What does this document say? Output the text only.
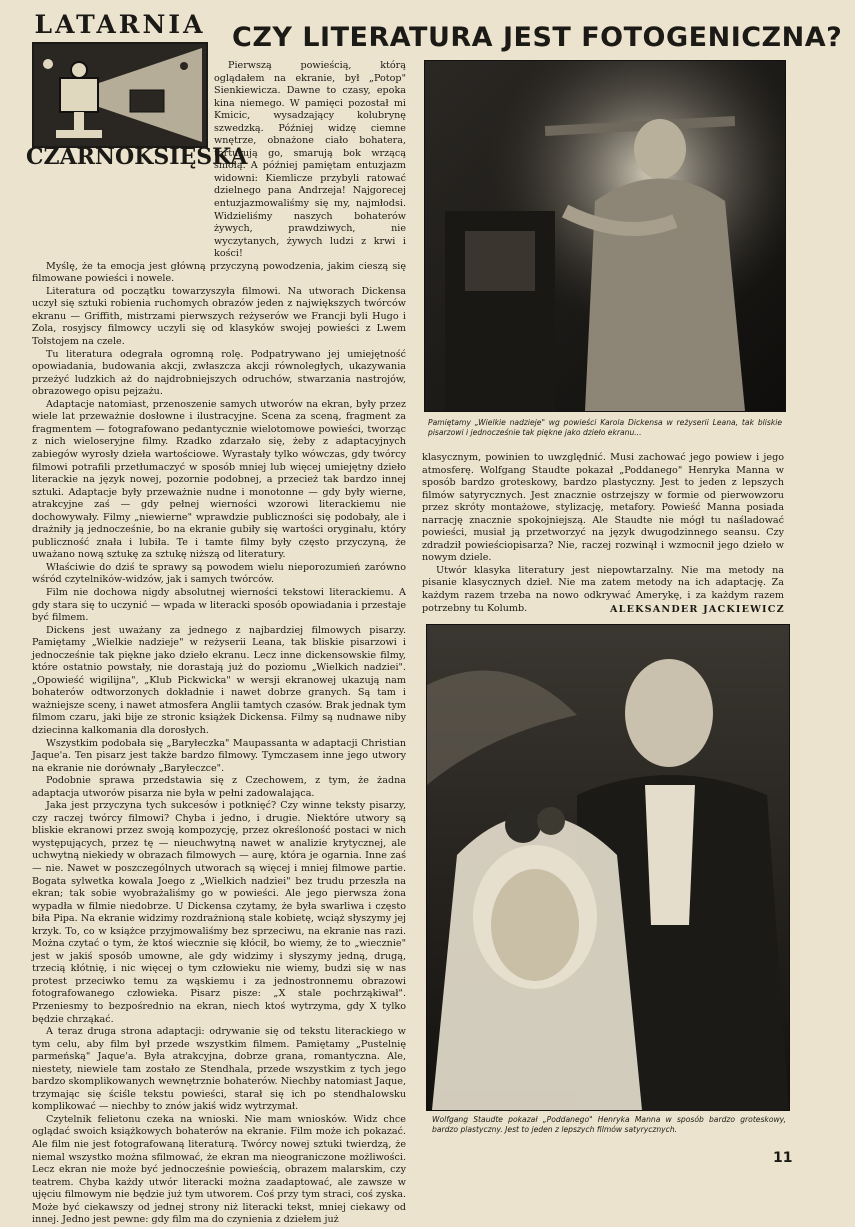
LATARNIA
CZARNOKSIĘSKA
CZY LITERATURA JEST FOTOGENICZNA?

Pierwszą powieścią, którą oglądałem na ekranie, był „Potop" Sienkiewicza. Dawne to czasy, epoka kina niemego. W pamięci pozostał mi Kmicic, wysadzający kolubrynę szwedzką. Później widzę ciemne wnętrze, obnażone ciało bohatera, torturują go, smarują bok wrzącą smołą. A później pamiętam entuzjazm widowni: Kiemlicze przybyli ratować dzielnego pana Andrzeja! Najgorecej entuzjazmowaliśmy się my, najmłodsi. Widzieliśmy naszych bohaterów żywych, prawdziwych, nie wyczytanych, żywych ludzi z krwi i kości!

Myślę, że ta emocja jest główną przyczyną powodzenia, jakim cieszą się filmowane powieści i nowele.

Literatura od początku towarzyszyła filmowi. Na utworach Dickensa uczył się sztuki robienia ruchomych obrazów jeden z największych twórców ekranu — Griffith, mistrzami pierwszych reżyserów we Francji byli Hugo i Zola, rosyjscy filmowcy uczyli się od klasyków swojej powieści z Lwem Tołstojem na czele.

Tu literatura odegrała ogromną rolę. Podpatrywano jej umiejętność opowiadania, budowania akcji, zwłaszcza akcji równoległych, ukazywania przeżyć ludzkich aż do najdrobniejszych odruchów, stwarzania nastrojów, obrazowego opisu pejzażu.

Adaptacje natomiast, przenoszenie samych utworów na ekran, były przez wiele lat przeważnie dosłowne i ilustracyjne. Scena za sceną, fragment za fragmentem — fotografowano pedantycznie wielotomowe powieści, tworząc z nich wieloseryjne filmy. Rzadko zdarzało się, żeby z adaptacyjnych zabiegów wyrosły dzieła wartościowe. Wyrastały tylko wówczas, gdy twórcy filmowi potrafili przetłumaczyć w sposób mniej lub więcej umiejętny dzieło literackie na język nowej, pozornie podobnej, a przecież tak bardzo innej sztuki. Adaptacje były przeważnie nudne i monotonne — gdy były wierne, atrakcyjne zaś — gdy pełnej wierności wzorowi literackiemu nie dochowywały. Filmy „niewierne" wprawdzie publiczności się podobały, ale i drażniły ją jednocześnie, bo na ekranie gubiły się wartości oryginału, który publiczność znała i lubiła. Te i tamte filmy były często przyczyną, że uważano nową sztukę za sztukę niższą od literatury.

Właściwie do dziś te sprawy są powodem wielu nieporozumień zarówno wśród czytelników-widzów, jak i samych twórców.

Film nie dochowa nigdy absolutnej wierności tekstowi literackiemu. A gdy stara się to uczynić — wpada w literacki sposób opowiadania i przestaje być filmem.

Dickens jest uważany za jednego z najbardziej filmowych pisarzy. Pamiętamy „Wielkie nadzieje" w reżyserii Leana, tak bliskie pisarzowi i jednocześnie tak piękne jako dzieło ekranu. Lecz inne dickensowskie filmy, które ostatnio powstały, nie dorastają już do poziomu „Wielkich nadziei". „Opowieść wigilijna", „Klub Pickwicka" w wersji ekranowej ukazują nam bohaterów odtworzonych dokładnie i nawet dobrze granych. Są tam i ważniejsze sceny, i nawet atmosfera Anglii tamtych czasów. Brak jednak tym filmom czaru, jaki bije ze stronic książek Dickensa. Filmy są nudnawe niby dziecinna kalkomania dla dorosłych.

Wszystkim podobała się „Baryłeczka" Maupassanta w adaptacji Christian Jaque'a. Ten pisarz jest także bardzo filmowy. Tymczasem inne jego utwory na ekranie nie dorównały „Baryłeczce".

Podobnie sprawa przedstawia się z Czechowem, z tym, że żadna adaptacja utworów pisarza nie była w pełni zadowalająca.

Jaka jest przyczyna tych sukcesów i potknięć? Czy winne teksty pisarzy, czy raczej twórcy filmowi? Chyba i jedno, i drugie. Niektóre utwory są bliskie ekranowi przez swoją kompozycję, przez określoność postaci w nich występujących, przez tę — nieuchwytną nawet w analizie krytycznej, ale uchwytną niekiedy w obrazach filmowych — aurę, która je ogarnia. Inne zaś — nie. Nawet w poszczególnych utworach są więcej i mniej filmowe partie. Bogata sylwetka kowala Joego z „Wielkich nadziei" bez trudu przeszła na ekran; tak sobie wyobrażaliśmy go w powieści. Ale jego pierwsza żona wypadła w filmie niedobrze. U Dickensa czytamy, że była swarliwa i często biła Pipa. Na ekranie widzimy rozdrażnioną stale kobietę, wciąż słyszymy jej krzyk. To, co w książce przyjmowaliśmy bez sprzeciwu, na ekranie nas razi. Można czytać o tym, że ktoś wiecznie się kłócił, bo wiemy, że to „wiecznie" jest w jakiś sposób umowne, ale gdy widzimy i słyszymy jedną, drugą, trzecią kłótnię, i nic więcej o tym człowieku nie wiemy, budzi się w nas protest przeciwko temu za wąskiemu i za jednostronnemu obrazowi fotografowanego człowieka. Pisarz pisze: „X stale pochrząkiwał". Przeniesmy to bezpośrednio na ekran, niech ktoś wytrzyma, gdy X tylko będzie chrząkać.

A teraz druga strona adaptacji: odrywanie się od tekstu literackiego w tym celu, aby film był przede wszystkim filmem. Pamiętamy „Pustelnię parmeńską" Jaque'a. Była atrakcyjna, dobrze grana, romantyczna. Ale, niestety, niewiele tam zostało ze Stendhala, przede wszystkim z tych jego bardzo skomplikowanych wewnętrznie bohaterów. Niechby natomiast Jaque, trzymając się ściśle tekstu powieści, starał się ich po stendhalowsku komplikować — niechby to znów jakiś widz wytrzymał.

Czytelnik felietonu czeka na wnioski. Nie mam wniosków. Widz chce oglądać swoich książkowych bohaterów na ekranie. Film może ich pokazać. Ale film nie jest fotografowaną literaturą. Twórcy nowej sztuki twierdzą, że niemal wszystko można sfilmować, że ekran ma nieograniczone możliwości. Lecz ekran nie może być jednocześnie powieścią, obrazem malarskim, czy teatrem. Chyba każdy utwór literacki można zaadaptować, ale zawsze w ujęciu filmowym nie będzie już tym utworem. Coś przy tym straci, coś zyska. Może być ciekawszy od jednej strony niż literacki tekst, mniej ciekawy od innej. Jedno jest pewne: gdy film ma do czynienia z dziełem już

Pamiętamy „Wielkie nadzieje" wg powieści Karola Dickensa w reżyserii Leana, tak bliskie pisarzowi i jednocześnie tak piękne jako dzieło ekranu...

klasycznym, powinien to uwzględnić. Musi zachować jego powiew i jego atmosferę. Wolfgang Staudte pokazał „Poddanego" Henryka Manna w sposób bardzo groteskowy, bardzo plastyczny. Jest to jeden z lepszych filmów satyrycznych. Jest znacznie ostrzejszy w formie od pierwowzoru przez skróty montażowe, stylizację, metafory. Powieść Manna posiada narrację znacznie spokojniejszą. Ale Staudte nie mógł tu naśladować powieści, musiał ją przetworzyć na język dwugodzinnego seansu. Czy zdradził powieściopisarza? Nie, raczej rozwinął i wzmocnił jego dzieło w nowym dziele.

Utwór klasyka literatury jest niepowtarzalny. Nie ma metody na pisanie klasycznych dzieł. Nie ma zatem metody na ich adaptację. Za każdym razem trzeba na nowo odkrywać Amerykę, i za każdym razem potrzebny tu Kolumb.	ALEKSANDER JACKIEWICZ
Wolfgang Staudte pokazał „Poddanego" Henryka Manna w sposób bardzo groteskowy, bardzo plastyczny. Jest to jeden z lepszych filmów satyrycznych.
11
